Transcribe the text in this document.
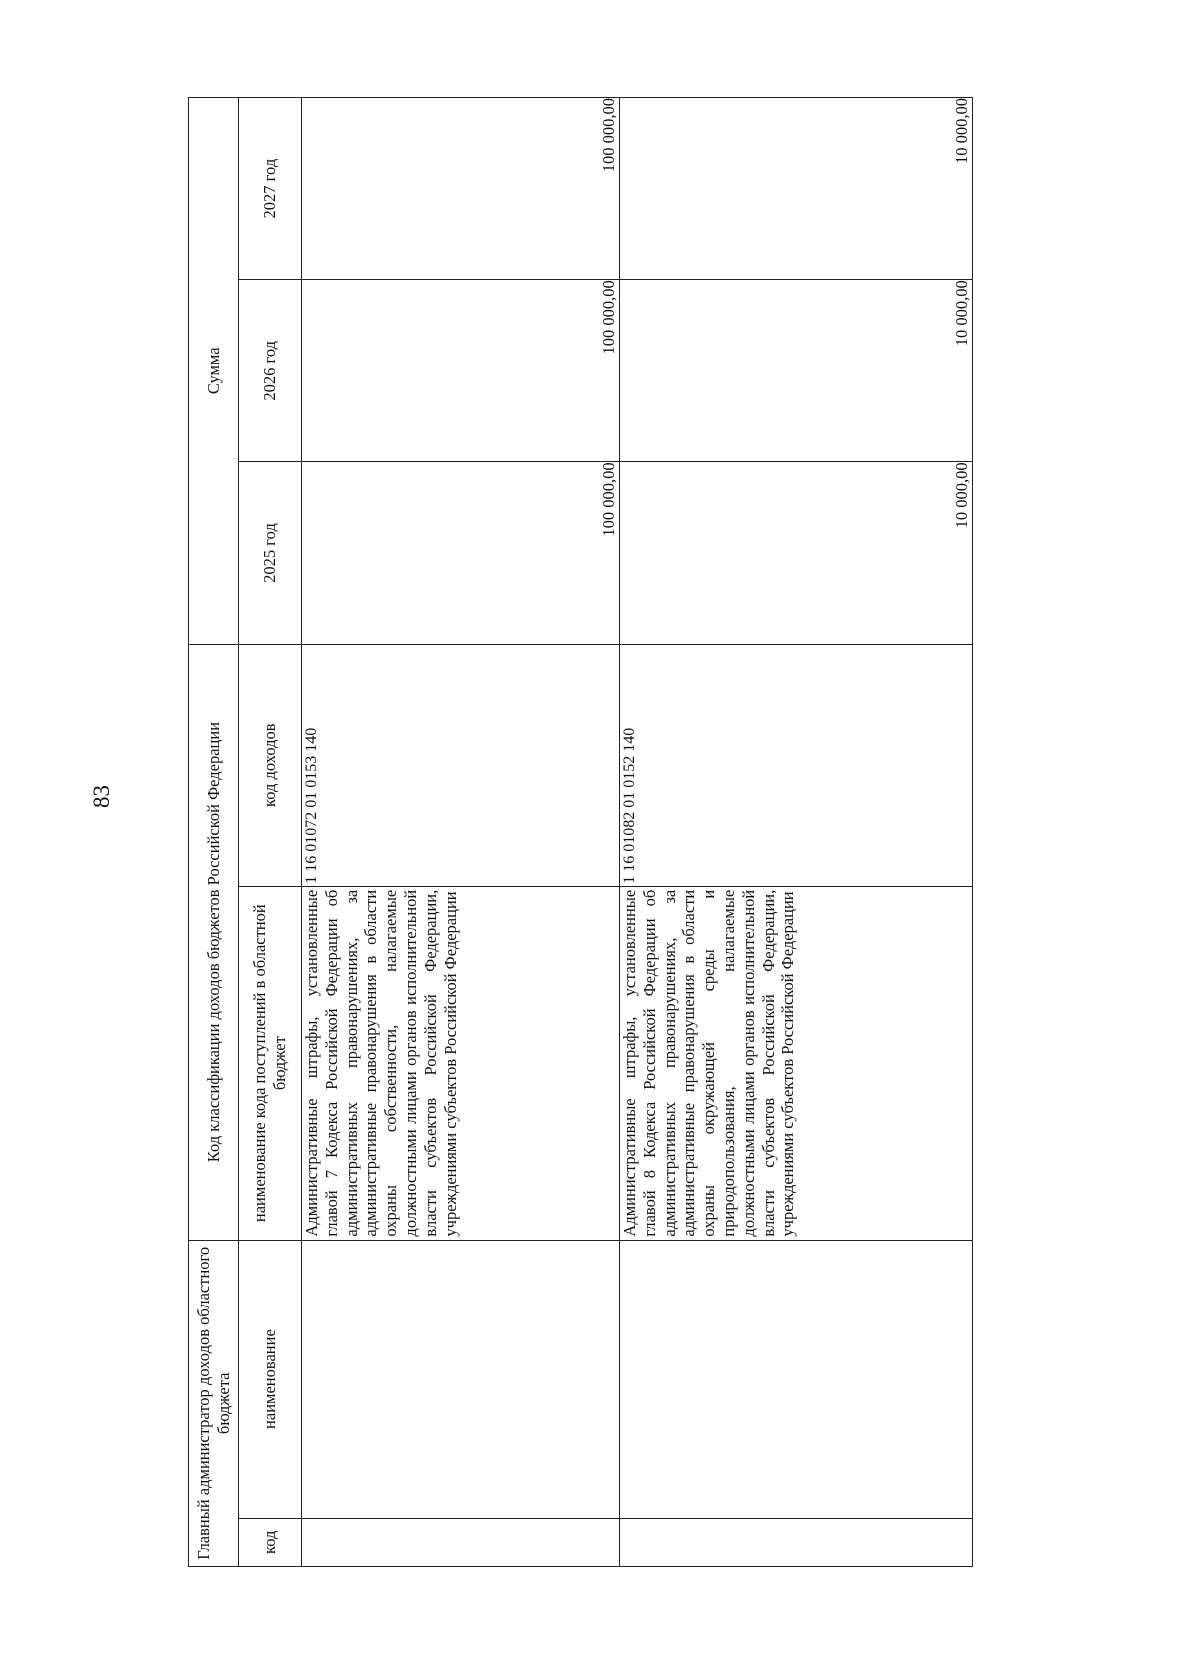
83
Главный администратор доходов областного бюджета		Код классификации доходов бюджетов Российской Федерации		Сумма		
код	наименование	наименование кода поступлений в областной бюджет	код доходов	2025 год	2026 год	2027 год
		Административные штрафы, установленные главой 7 Кодекса Российской Федерации об административных правонарушениях, за административные правонарушения в области охраны собственности, налагаемые должностными лицами органов исполнительной власти субъектов Российской Федерации, учреждениями субъектов Российской Федерации	1 16 01072 01 0153 140	100 000,00	100 000,00	100 000,00
		Административные штрафы, установленные главой 8 Кодекса Российской Федерации об административных правонарушениях, за административные правонарушения в области охраны окружающей среды и природопользования, налагаемые должностными лицами органов исполнительной власти субъектов Российской Федерации, учреждениями субъектов Российской Федерации	1 16 01082 01 0152 140	10 000,00	10 000,00	10 000,00
